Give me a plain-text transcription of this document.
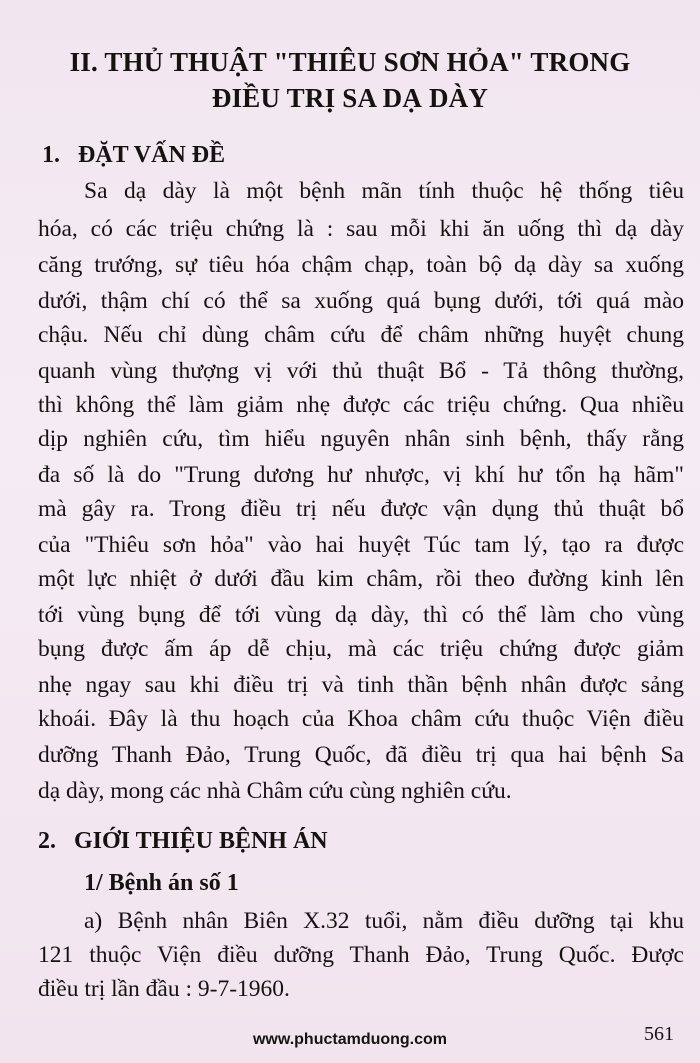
II. THỦ THUẬT "THIÊU SƠN HỎA" TRONG
ĐIỀU TRỊ SA DẠ DÀY
1. ĐẶT VẤN ĐỀ
Sa dạ dày là một bệnh mãn tính thuộc hệ thống tiêu
hóa, có các triệu chứng là : sau mỗi khi ăn uống thì dạ dày
căng trướng, sự tiêu hóa chậm chạp, toàn bộ dạ dày sa xuống
dưới, thậm chí có thể sa xuống quá bụng dưới, tới quá mào
chậu. Nếu chỉ dùng châm cứu để châm những huyệt chung
quanh vùng thượng vị với thủ thuật Bổ - Tả thông thường,
thì không thể làm giảm nhẹ được các triệu chứng. Qua nhiều
dịp nghiên cứu, tìm hiểu nguyên nhân sinh bệnh, thấy rằng
đa số là do "Trung dương hư nhược, vị khí hư tổn hạ hãm"
mà gây ra. Trong điều trị nếu được vận dụng thủ thuật bổ
của "Thiêu sơn hỏa" vào hai huyệt Túc tam lý, tạo ra được
một lực nhiệt ở dưới đầu kim châm, rồi theo đường kinh lên
tới vùng bụng để tới vùng dạ dày, thì có thể làm cho vùng
bụng được ấm áp dễ chịu, mà các triệu chứng được giảm
nhẹ ngay sau khi điều trị và tinh thần bệnh nhân được sảng
khoái. Đây là thu hoạch của Khoa châm cứu thuộc Viện điều
dưỡng Thanh Đảo, Trung Quốc, đã điều trị qua hai bệnh Sa
dạ dày, mong các nhà Châm cứu cùng nghiên cứu.
2. GIỚI THIỆU BỆNH ÁN
1/ Bệnh án số 1
a) Bệnh nhân Biên X.32 tuổi, nằm điều dưỡng tại khu
121 thuộc Viện điều dưỡng Thanh Đảo, Trung Quốc. Được
điều trị lần đầu : 9-7-1960.
www.phuctamduong.com	561
